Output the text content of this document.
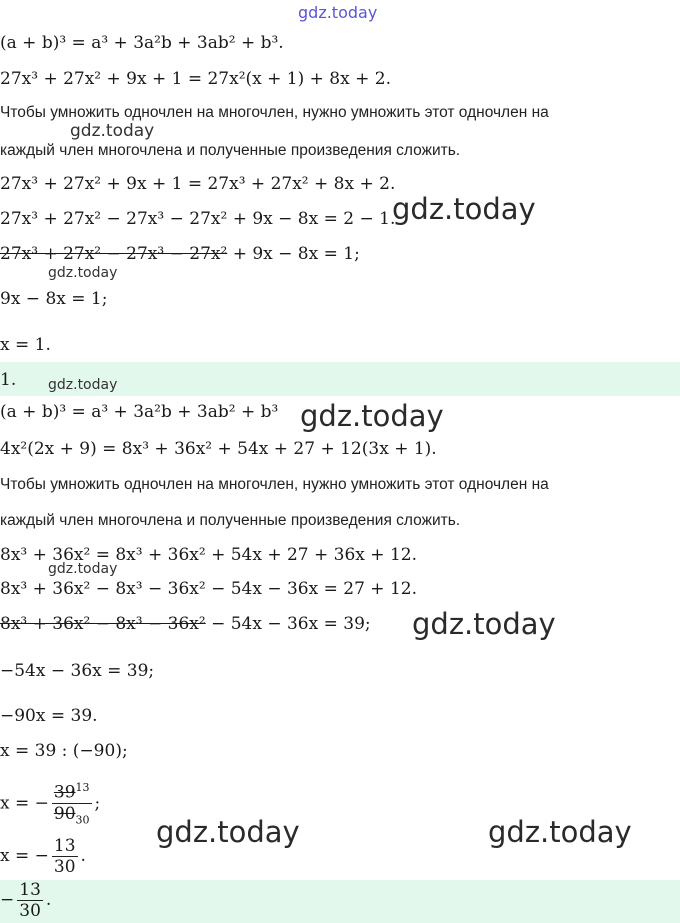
gdz.today
gdz.today
gdz.today
gdz.today
gdz.today
gdz.today
gdz.today
gdz.today
gdz.today	gdz.today
(a + b)³ = a³ + 3a²b + 3ab² + b³.
27x³ + 27x² + 9x + 1 = 27x²(x + 1) + 8x + 2.
Чтобы умножить одночлен на многочлен, нужно умножить этот одночлен на
каждый член многочлена и полученные произведения сложить.
27x³ + 27x² + 9x + 1 = 27x³ + 27x² + 8x + 2.
27x³ + 27x² − 27x³ − 27x² + 9x − 8x = 2 − 1.
27x³ + 27x² − 27x³ − 27x² + 9x − 8x = 1;
9x − 8x = 1;
x = 1.
1.
(a + b)³ = a³ + 3a²b + 3ab² + b³
4x²(2x + 9) = 8x³ + 36x² + 54x + 27 + 12(3x + 1).
Чтобы умножить одночлен на многочлен, нужно умножить этот одночлен на
каждый член многочлена и полученные произведения сложить.
8x³ + 36x² = 8x³ + 36x² + 54x + 27 + 36x + 12.
8x³ + 36x² − 8x³ − 36x² − 54x − 36x = 27 + 12.
8x³ + 36x² − 8x³ − 36x² − 54x − 36x = 39;
−54x − 36x = 39;
−90x = 39.
x = 39 : (−90);
x = − $\frac{39^{13}}{90_{30}}$ ;
x = − $\frac{13}{30}$ .
− $\frac{13}{30}$ .
